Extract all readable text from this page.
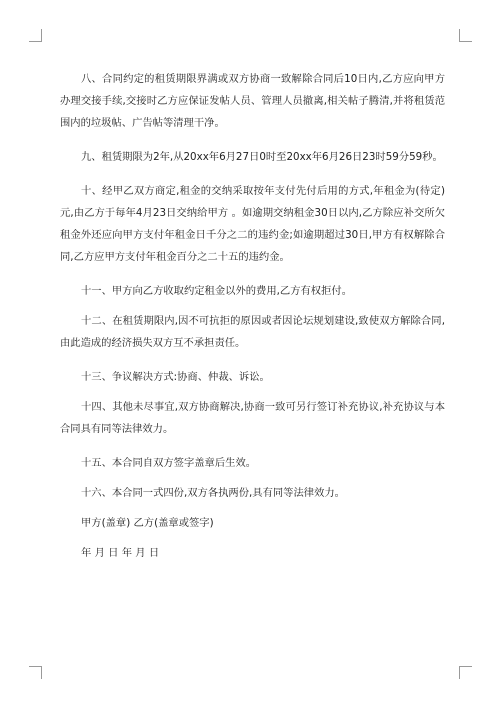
八、合同约定的租赁期限界满或双方协商一致解除合同后10日内,乙方应向甲方办理交接手续,交接时乙方应保证发帖人员、管理人员撤离,相关帖子腾清,并将租赁范围内的垃圾帖、广告帖等清理干净。

九、租赁期限为2年,从20xx年6月27日0时至20xx年6月26日23时59分59秒。

十、经甲乙双方商定,租金的交纳采取按年支付先付后用的方式,年租金为(待定)元,由乙方于每年4月23日交纳给甲方 。如逾期交纳租金30日以内,乙方除应补交所欠租金外还应向甲方支付年租金日千分之二的违约金;如逾期超过30日,甲方有权解除合同,乙方应甲方支付年租金百分之二十五的违约金。

十一、甲方向乙方收取约定租金以外的费用,乙方有权拒付。

十二、在租赁期限内,因不可抗拒的原因或者因论坛规划建设,致使双方解除合同,由此造成的经济损失双方互不承担责任。

十三、争议解决方式:协商、仲裁、诉讼。

十四、其他未尽事宜,双方协商解决,协商一致可另行签订补充协议,补充协议与本合同具有同等法律效力。

十五、本合同自双方签字盖章后生效。

十六、本合同一式四份,双方各执两份,具有同等法律效力。

甲方(盖章) 乙方(盖章或签字)

年 月 日 年 月 日
